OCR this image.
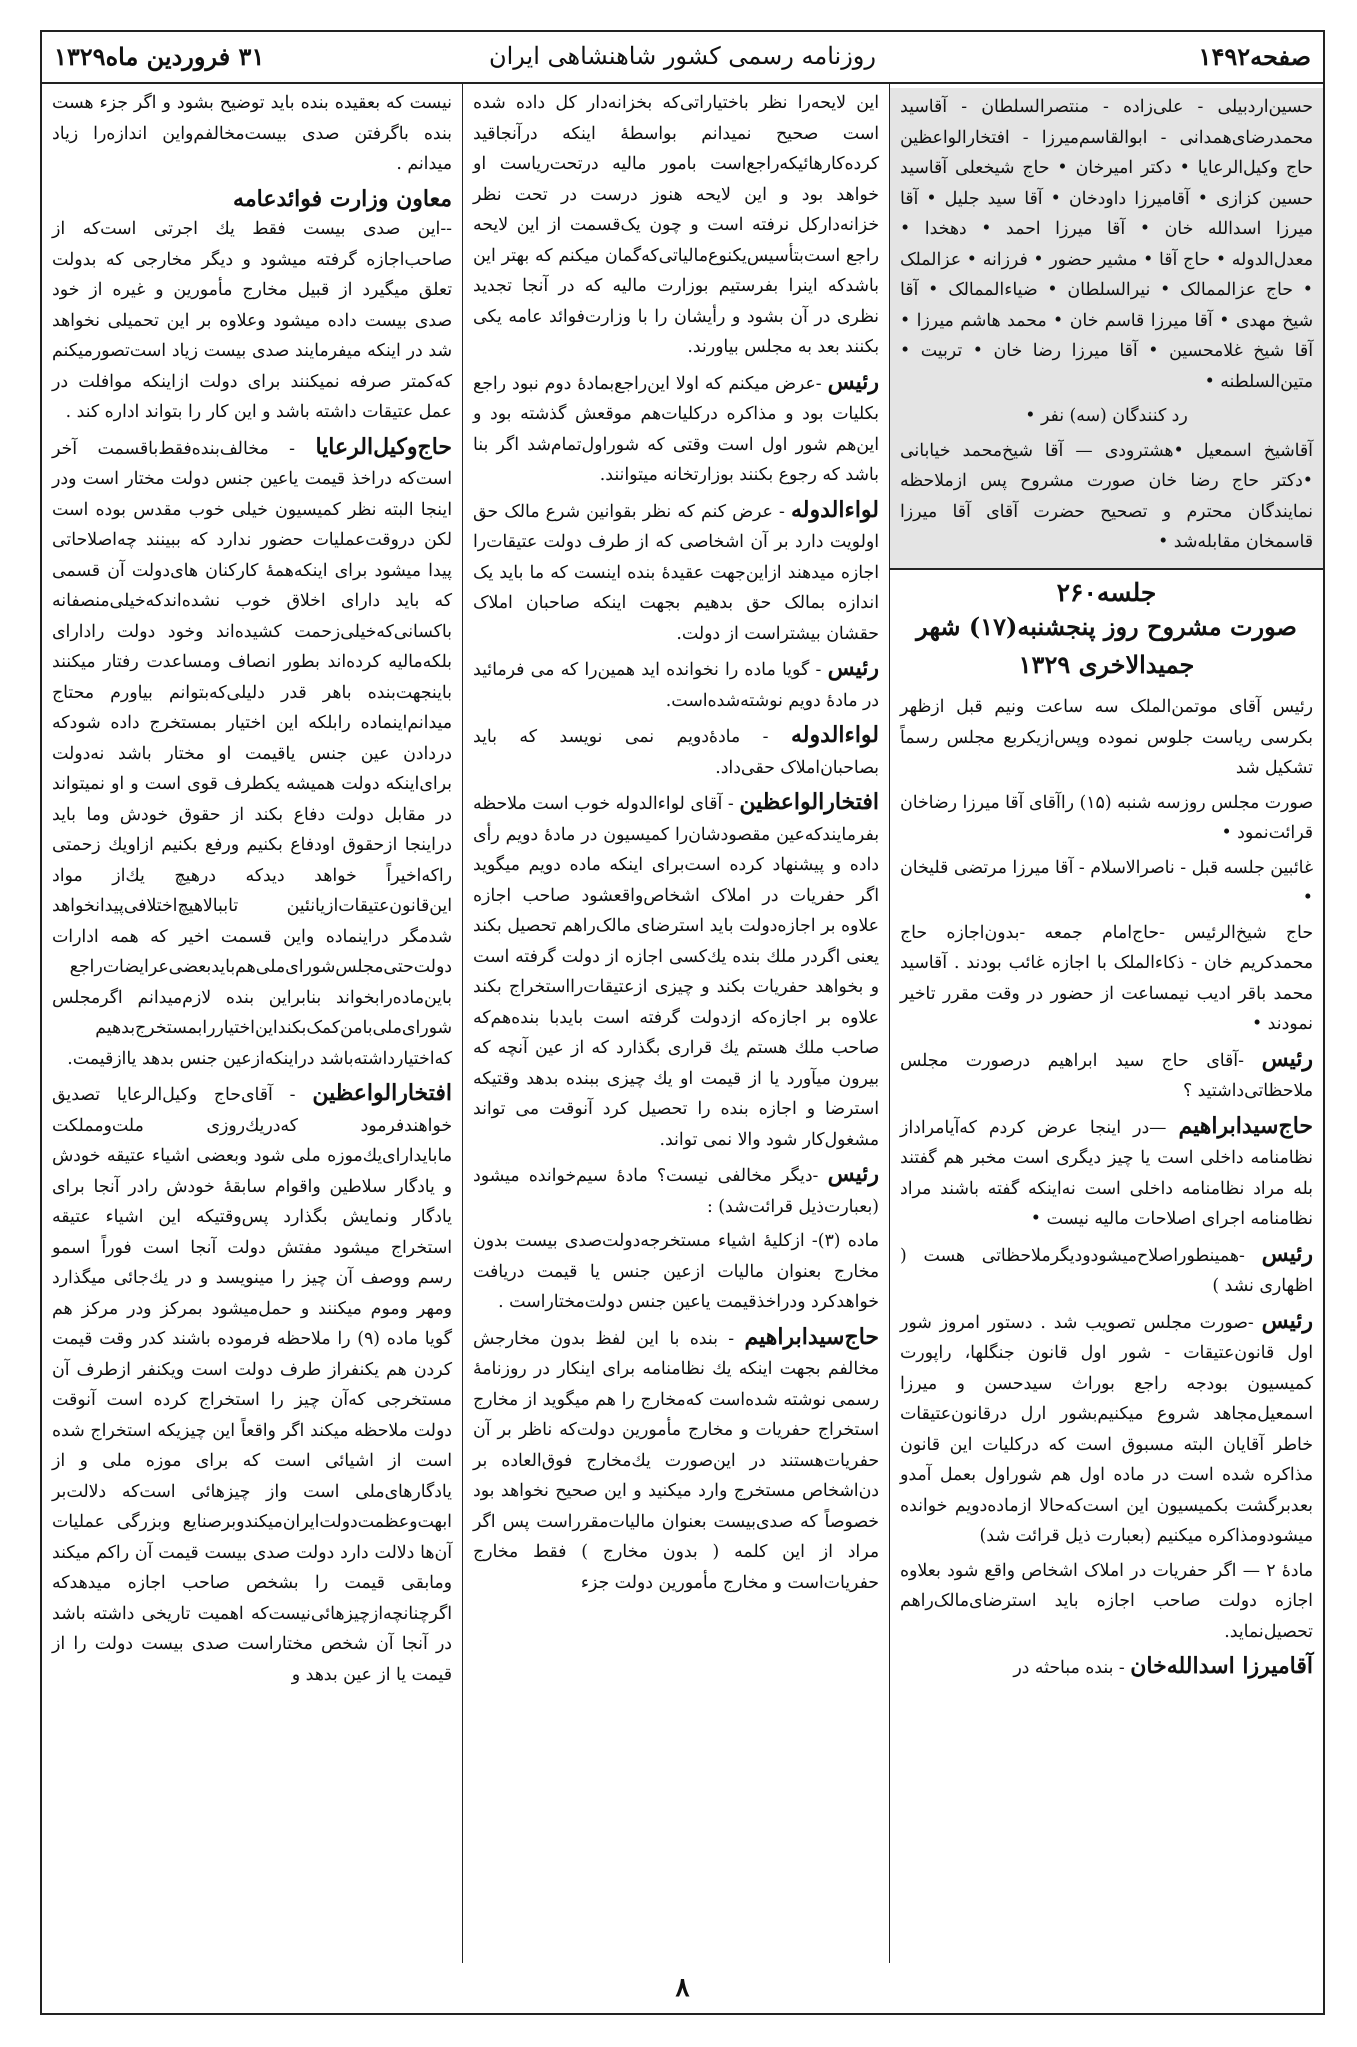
صفحه۱۴۹۲
روزنامه رسمی کشور شاهنشاهی ایران
۳۱ فروردین ماه۱۳۲۹

حسین‌اردبیلی - علی‌زاده - منتصرالسلطان - آقاسید محمدرضای‌همدانی - ابوالقاسم‌میرزا - افتخارالواعظین حاج وکیل‌الرعایا • دکتر امیرخان • حاج شیخعلی آقاسید حسین کزازی • آقامیرزا داودخان • آقا سید جلیل • آقا میرزا اسدالله خان • آقا میرزا احمد • دهخدا • معدل‌الدوله • حاج آقا • مشیر حضور • فرزانه • عزالملک • حاج عزالممالک • نیرالسلطان • ضیاءالممالک • آقا شیخ مهدی • آقا میرزا قاسم خان • محمد هاشم میرزا • آقا شیخ غلامحسین • آقا میرزا رضا خان • تربیت • متین‌السلطنه •

رد کنندگان (سه) نفر •

آقاشیخ اسمعیل •هشترودی — آقا شیخ‌محمد خیابانی •دکتر حاج رضا خان صورت مشروح پس ازملاحظه نمایندگان محترم و تصحیح حضرت آقای آقا میرزا قاسمخان مقابله‌شد •

جلسه۲۶۰
صورت مشروح روز پنجشنبه(۱۷) شهر جمیدالاخری ۱۳۲۹

رئیس آقای موتمن‌الملک سه ساعت ونیم قبل ازظهر بکرسی ریاست جلوس نموده وپس‌ازیکربع مجلس رسماً تشکیل شد

صورت مجلس روزسه شنبه (۱۵) راآقای آقا میرزا رضاخان قرائت‌نمود •

غائبین جلسه قبل - ناصرالاسلام - آقا میرزا مرتضی قلیخان •

حاج شیخ‌الرئیس -حاج‌امام جمعه -بدون‌اجازه حاج محمدکریم خان - ذکاءالملک با اجازه غائب بودند . آقاسید محمد باقر ادیب نیمساعت از حضور در وقت مقرر تاخیر نمودند •

رئیس -آقای حاج سید ابراهیم درصورت مجلس ملاحظاتی‌داشتید ؟

حاج‌سیدابراهیم —در اینجا عرض کردم که‌آیامراد‌از نظامنامه داخلی است یا چیز دیگری است مخبر هم گفتند بله مراد نظامنامه داخلی است نه‌اینکه گفته باشند مراد نظامنامه اجرای اصلاحات مالیه نیست •

رئیس -همینطوراصلاح‌میشودودیگرملاحظاتی هست ( اظهاری نشد )

رئیس -صورت مجلس تصویب شد . دستور امروز شور اول قانون‌عتیقات - شور اول قانون جنگلها، راپورت کمیسیون بودجه راجع بوراث سیدحسن و میرزا اسمعیل‌مجاهد شروع میکنیم‌بشور ارل درقانون‌عتیقات خاطر آقایان البته مسبوق است که درکلیات این قانون مذاکره شده است در ماده اول هم شوراول بعمل آمدو بعدبرگشت بکمیسیون این است‌که‌حالا ازماده‌دویم خوانده میشودومذاکره میکنیم (بعبارت ذیل قرائت شد)

مادهٔ ۲ — اگر حفریات در املاک اشخاص واقع شود بعلاوه اجازه دولت صاحب اجازه باید استرضای‌مالک‌راهم تحصیل‌نماید.

آقامیرزا اسدالله‌خان - بنده مباحثه در

این لایحه‌را نظر باختیاراتی‌که بخزانه‌دار کل داده شده است صحیح نمیدانم بواسطهٔ اینکه درآنجاقید کرده‌کارهائیکه‌راجع‌است بامور مالیه درتحت‌ریاست او خواهد بود و این لایحه هنوز درست در تحت نظر خزانه‌دارکل نرفته است و چون یک‌قسمت از این لایحه راجع است‌بتأسیس‌یکنوع‌مالیاتی‌که‌گمان میکنم که بهتر این باشد‌که اینرا بفرستیم بوزارت مالیه که در آنجا تجدید نظری در آن بشود و رأیشان را با وزارت‌فوائد عامه یکی بکنند بعد به مجلس بیاورند.

رئیس -عرض میکنم که اولا این‌راجع‌بمادهٔ دوم نبود راجع بکلیات بود و مذاکره دركلیات‌هم موقعش گذشته بود و این‌هم شور اول است وقتی که شوراول‌تمام‌شد اگر بنا باشد که رجوع بکنند بوزارتخانه میتوانند.

لواءالدوله - عرض کنم که نظر بقوانین شرع مالک حق اولویت دارد بر آن اشخاصی که از طرف دولت عتیقات‌را اجازه میدهند ازاین‌جهت عقیدهٔ بنده اینست که ما باید یک اندازه بمالک حق بدهیم بجهت اینکه صاحبان املاک حقشان بیشتراست از دولت.

رئیس - گویا ماده را نخوانده اید همین‌را که می فرمائید در مادهٔ دویم نوشته‌شده‌است.

لواءالدوله - مادهٔ‌دویم نمی نویسد که باید بصاحبان‌املاک حقی‌داد.

افتخارالواعظین - آقای لواءالدوله خوب است ملاحظه بفرمایندکه‌عین مقصودشان‌را کمیسیون در مادهٔ دویم رأی داده و پیشنهاد کرده است‌برای اینکه ماده دویم میگوید اگر حفریات در املاک اشخاص‌واقعشود صاحب اجازه علاوه بر اجازه‌دولت باید استرضای مالک‌راهم تحصیل بکند یعنی اگردر ملك بنده یك‌كسی اجازه از دولت گرفته است و بخواهد حفریات بکند و چیزی ازعتیقات‌رااستخراج بکند علاوه بر اجازه‌که ازدولت گرفته است بایدبا بنده‌هم‌که صاحب ملك هستم یك قراری بگذارد که از عین آنچه که بیرون میآورد یا از قیمت او یك چیزی ببنده بدهد وقتیکه استرضا و اجازه بنده را تحصیل کرد آنوقت می تواند مشغول‌کار شود والا نمی تواند.

رئیس -دیگر مخالفی نیست؟ مادهٔ سیم‌خوانده میشود (بعبارت‌ذیل قرائت‌شد) :

ماده (۳)- ازکلیهٔ اشیاء مستخرجه‌دولت‌صدی بیست بدون مخارج بعنوان مالیات ازعین جنس یا قیمت دریافت خواهدکرد ودراخذقیمت یاعین جنس دولت‌مختاراست .

حاج‌سیدابراهیم - بنده با این لفظ بدون مخارجش مخالفم بجهت اینکه یك نظامنامه برای اینکار در روزنامهٔ رسمی نوشته شده‌است که‌مخارج را هم میگوید از مخارج استخراج حفریات و مخارج مأمورین دولت‌که ناظر بر آن حفریات‌هستند در این‌صورت یك‌مخارج فوق‌العاده بر دن‌اشخاص مستخرج وارد میکنید و این صحیح نخواهد بود خصوصاً که صدی‌بیست بعنوان مالیات‌مقرراست پس اگر مراد از این کلمه ( بدون مخارج ) فقط مخارج حفریات‌است و مخارج مأمورین دولت جزء

نیست که بعقیده بنده باید توضیح بشود و اگر جزء هست بنده باگرفتن صدی بیست‌مخالفم‌واین اندازه‌را زیاد میدانم .

معاون وزارت فوائدعامه
--این صدی بیست فقط یك اجرتی است‌که از صاحب‌اجازه گرفته میشود و دیگر مخارجی که بدولت تعلق میگیرد از قبیل مخارج مأمورین و غیره از خود صدی بیست داده میشود وعلاوه بر این تحمیلی نخواهد شد در اینکه میفرمایند صدی بیست زیاد است‌تصورمیکنم که‌کمتر صرفه نمیکنند برای دولت ازاینکه موافلت در عمل عتیقات داشته باشد و این کار را بتواند اداره کند .

حاج‌وکیل‌الرعایا - مخالف‌بنده‌فقط‌باقسمت آخر است‌که دراخذ قیمت یاعین جنس دولت مختار است ودر اینجا البته نظر کمیسیون خیلی خوب مقدس بوده است لکن دروقت‌عملیات حضور ندارد که ببینند چه‌اصلاحاتی پیدا میشود برای اینکه‌همهٔ کارکنان های‌دولت آن قسمی که باید دارای اخلاق خوب نشده‌اندکه‌خیلی‌منصفانه باکسانی‌که‌خیلی‌زحمت کشیده‌اند وخود دولت رادارای بلکه‌مالیه کرده‌اند بطور انصاف ومساعدت رفتار میکنند باینجهت‌بنده باهر قدر دلیلی‌که‌بتوانم بیاورم محتاج میدانم‌اینماده رابلکه این اختیار بمستخرج داده شودکه دردادن عین جنس یاقیمت او مختار باشد نه‌دولت برای‌اینکه دولت همیشه یکطرف قوی است و او نمیتواند در مقابل دولت دفاع بکند از حقوق خودش وما باید دراینجا ازحقوق اودفاع بکنیم ورفع بکنیم ازاویك زحمتی راکه‌اخیراً خواهد دیدکه درهیچ یك‌از مواد این‌قانون‌عتیقات‌ازیانئین تاببالاهیچ‌اختلافی‌پیدانخواهد شدمگر دراینماده واین قسمت اخیر که همه ادارات دولت‌حتی‌مجلس‌شورای‌ملی‌هم‌باید‌بعضی‌عرایضات‌راجع باین‌ماده‌رابخواند بنابراین بنده لازم‌میدانم اگرمجلس شورای‌ملی‌بامن‌کمک‌بکند‌این‌اختیار‌را‌بمستخرج‌بدهیم که‌اختیارداشته‌باشد دراینکه‌ازعین جنس بدهد یاازقیمت.

افتخارالواعظین - آقای‌حاج وکیل‌الرعایا تصدیق خواهندفرمود‌ که‌دریك‌روزی ملت‌ومملکت مابایدارای‌یك‌موزه ملی‌ شود وبعضی اشیاء عتیقه خودش و یادگار سلاطین واقوام سابقهٔ خودش رادر آنجا برای یادگار ونمایش بگذارد پس‌وقتیکه این اشیاء عتیقه استخراج میشود مفتش دولت آنجا است فوراً اسمو رسم ووصف آن چیز را مینویسد و در یك‌جائی میگذارد ومهر وموم میکنند و حمل‌میشود بمرکز ودر مرکز هم گویا ماده (۹) را ملاحظه فرموده باشند کدر وقت قیمت کردن هم یکنفراز طرف دولت است ویکنفر ازطرف آن مستخرجی که‌آن چیز را استخراج کرده است آنوقت دولت ملاحظه میکند اگر واقعاً این چیزیکه استخراج شده است از اشیائی است که برای موزه ملی و از یادگارهای‌ملی است‌ واز چیزهائی است‌که دلالت‌بر ابهت‌وعظمت‌دولت‌ایران‌میکندوبرصنایع وبزرگی عملیات آن‌ها دلالت دارد دولت صدی بیست قیمت آن راکم میکند ومابقی قیمت را بشخص صاحب اجازه میدهدکه اگرچنانچه‌ازچیزهائی‌نیست‌که اهمیت تاریخی داشته باشد در آنجا آن شخص مختاراست صدی بیست دولت را از قیمت یا از عین بدهد و

۸
